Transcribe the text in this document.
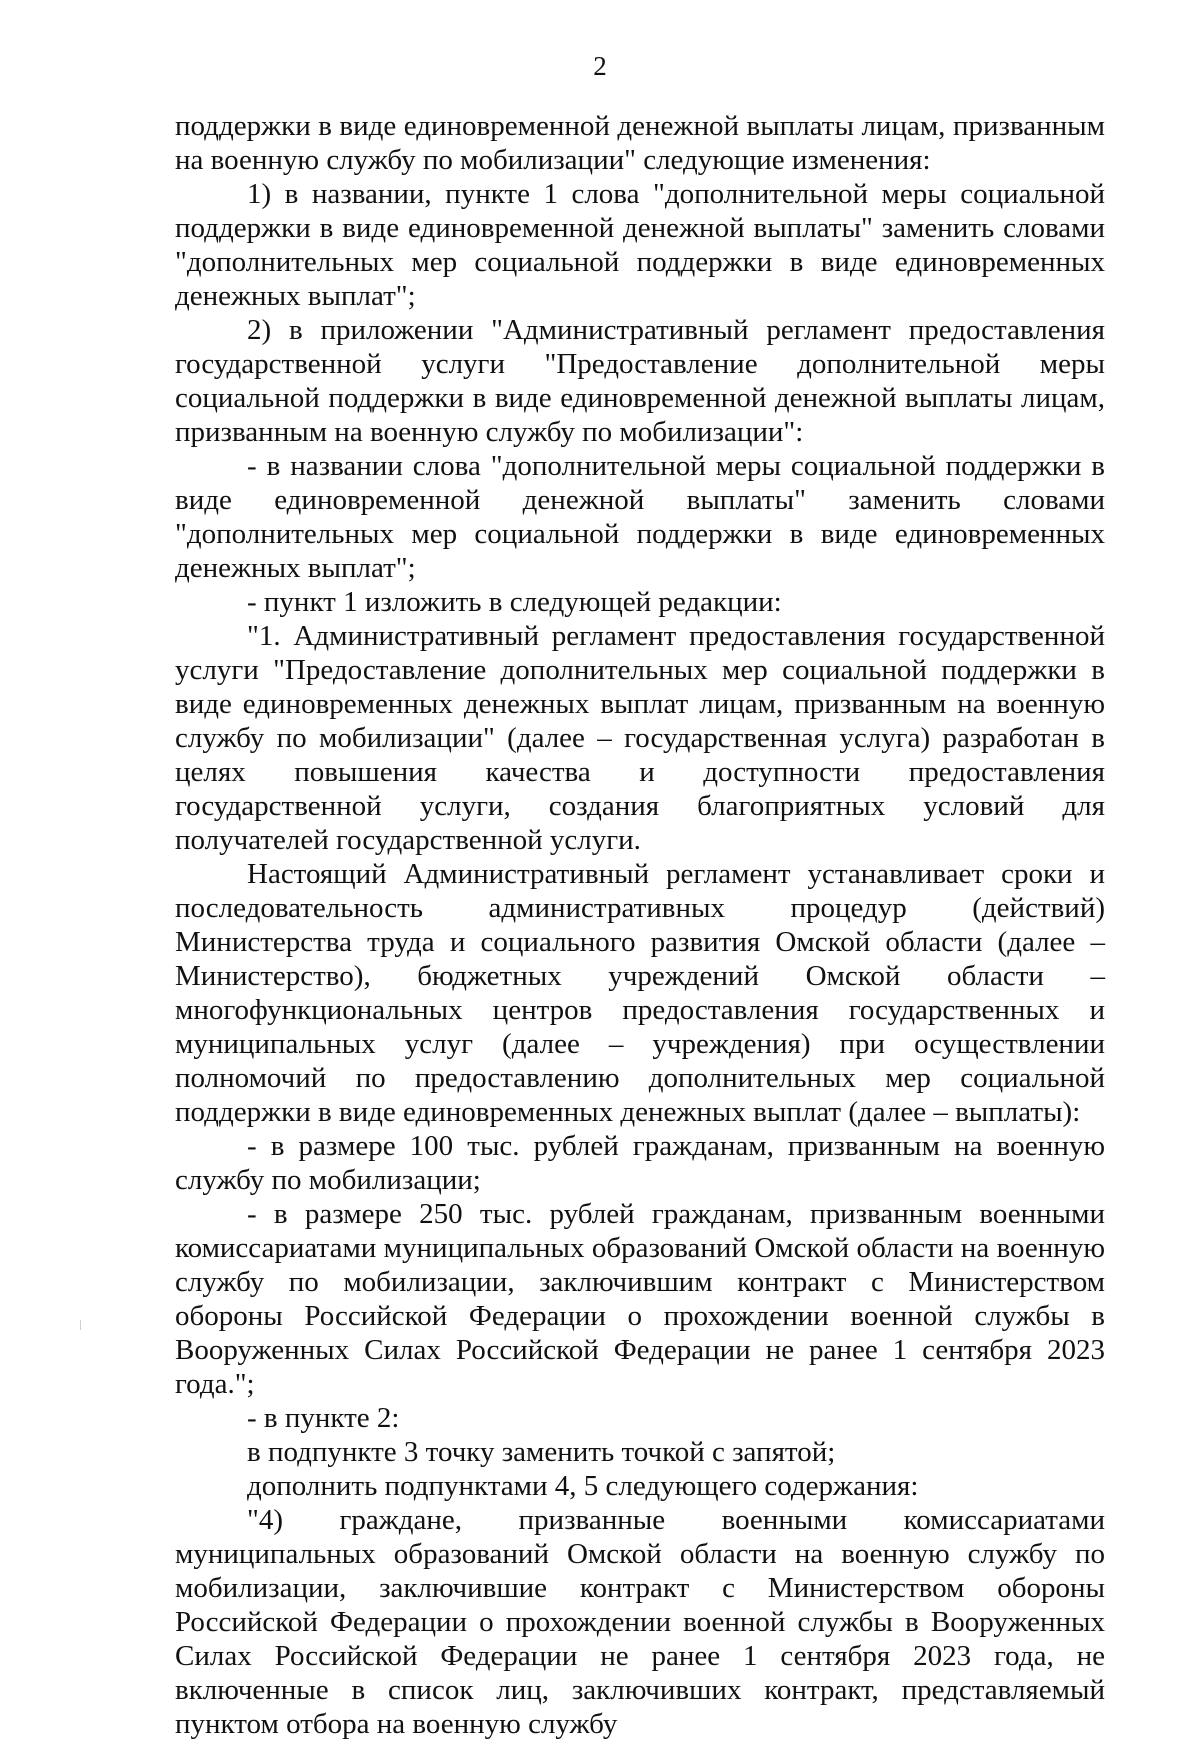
2

поддержки в виде единовременной денежной выплаты лицам, призванным на военную службу по мобилизации" следующие изменения:

1) в названии, пункте 1 слова "дополнительной меры социальной поддержки в виде единовременной денежной выплаты" заменить словами "дополнительных мер социальной поддержки в виде единовременных денежных выплат";

2) в приложении "Административный регламент предоставления государственной услуги "Предоставление дополнительной меры социальной поддержки в виде единовременной денежной выплаты лицам, призванным на военную службу по мобилизации":

- в названии слова "дополнительной меры социальной поддержки в виде единовременной денежной выплаты" заменить словами "дополнительных мер социальной поддержки в виде единовременных денежных выплат";

- пункт 1 изложить в следующей редакции:

"1. Административный регламент предоставления государственной услуги "Предоставление дополнительных мер социальной поддержки в виде единовременных денежных выплат лицам, призванным на военную службу по мобилизации" (далее – государственная услуга) разработан в целях повышения качества и доступности предоставления государственной услуги, создания благоприятных условий для получателей государственной услуги.

Настоящий Административный регламент устанавливает сроки и последовательность административных процедур (действий) Министерства труда и социального развития Омской области (далее – Министерство), бюджетных учреждений Омской области – многофункциональных центров предоставления государственных и муниципальных услуг (далее – учреждения) при осуществлении полномочий по предоставлению дополнительных мер социальной поддержки в виде единовременных денежных выплат (далее – выплаты):

- в размере 100 тыс. рублей гражданам, призванным на военную службу по мобилизации;

- в размере 250 тыс. рублей гражданам, призванным военными комиссариатами муниципальных образований Омской области на военную службу по мобилизации, заключившим контракт с Министерством обороны Российской Федерации о прохождении военной службы в Вооруженных Силах Российской Федерации не ранее 1 сентября 2023 года.";

- в пункте 2:

в подпункте 3 точку заменить точкой с запятой;

дополнить подпунктами 4, 5 следующего содержания:

"4) граждане, призванные военными комиссариатами муниципальных образований Омской области на военную службу по мобилизации, заключившие контракт с Министерством обороны Российской Федерации о прохождении военной службы в Вооруженных Силах Российской Федерации не ранее 1 сентября 2023 года, не включенные в список лиц, заключивших контракт, представляемый пунктом отбора на военную службу
